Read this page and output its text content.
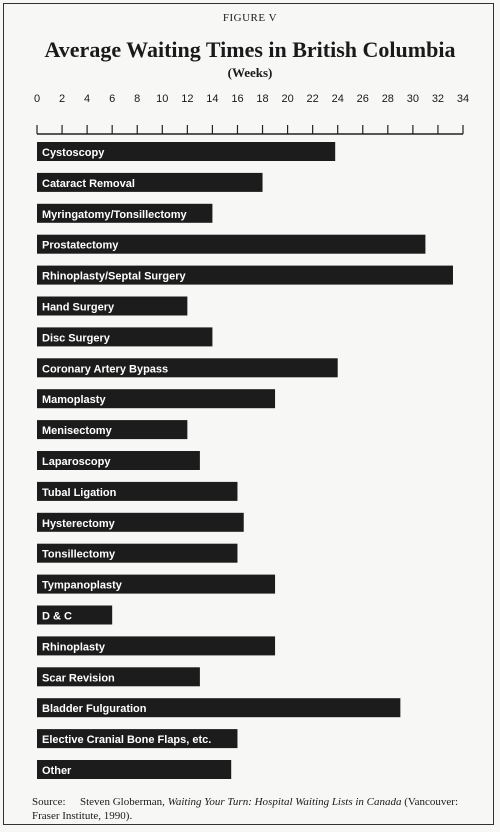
FIGURE V
Average Waiting Times in British Columbia
(Weeks)
0 2 4 6 8 10 12 14 16 18 20 22 24 26 28 30 32 34
Cystoscopy
Cataract Removal
Myringatomy/Tonsillectomy
Prostatectomy
Rhinoplasty/Septal Surgery
Hand Surgery
Disc Surgery
Coronary Artery Bypass
Mamoplasty
Menisectomy
Laparoscopy
Tubal Ligation
Hysterectomy
Tonsillectomy
Tympanoplasty
D & C
Rhinoplasty
Scar Revision
Bladder Fulguration
Elective Cranial Bone Flaps, etc.
Other
Source: Steven Globerman, Waiting Your Turn: Hospital Waiting Lists in Canada (Vancouver: Fraser Institute, 1990).
